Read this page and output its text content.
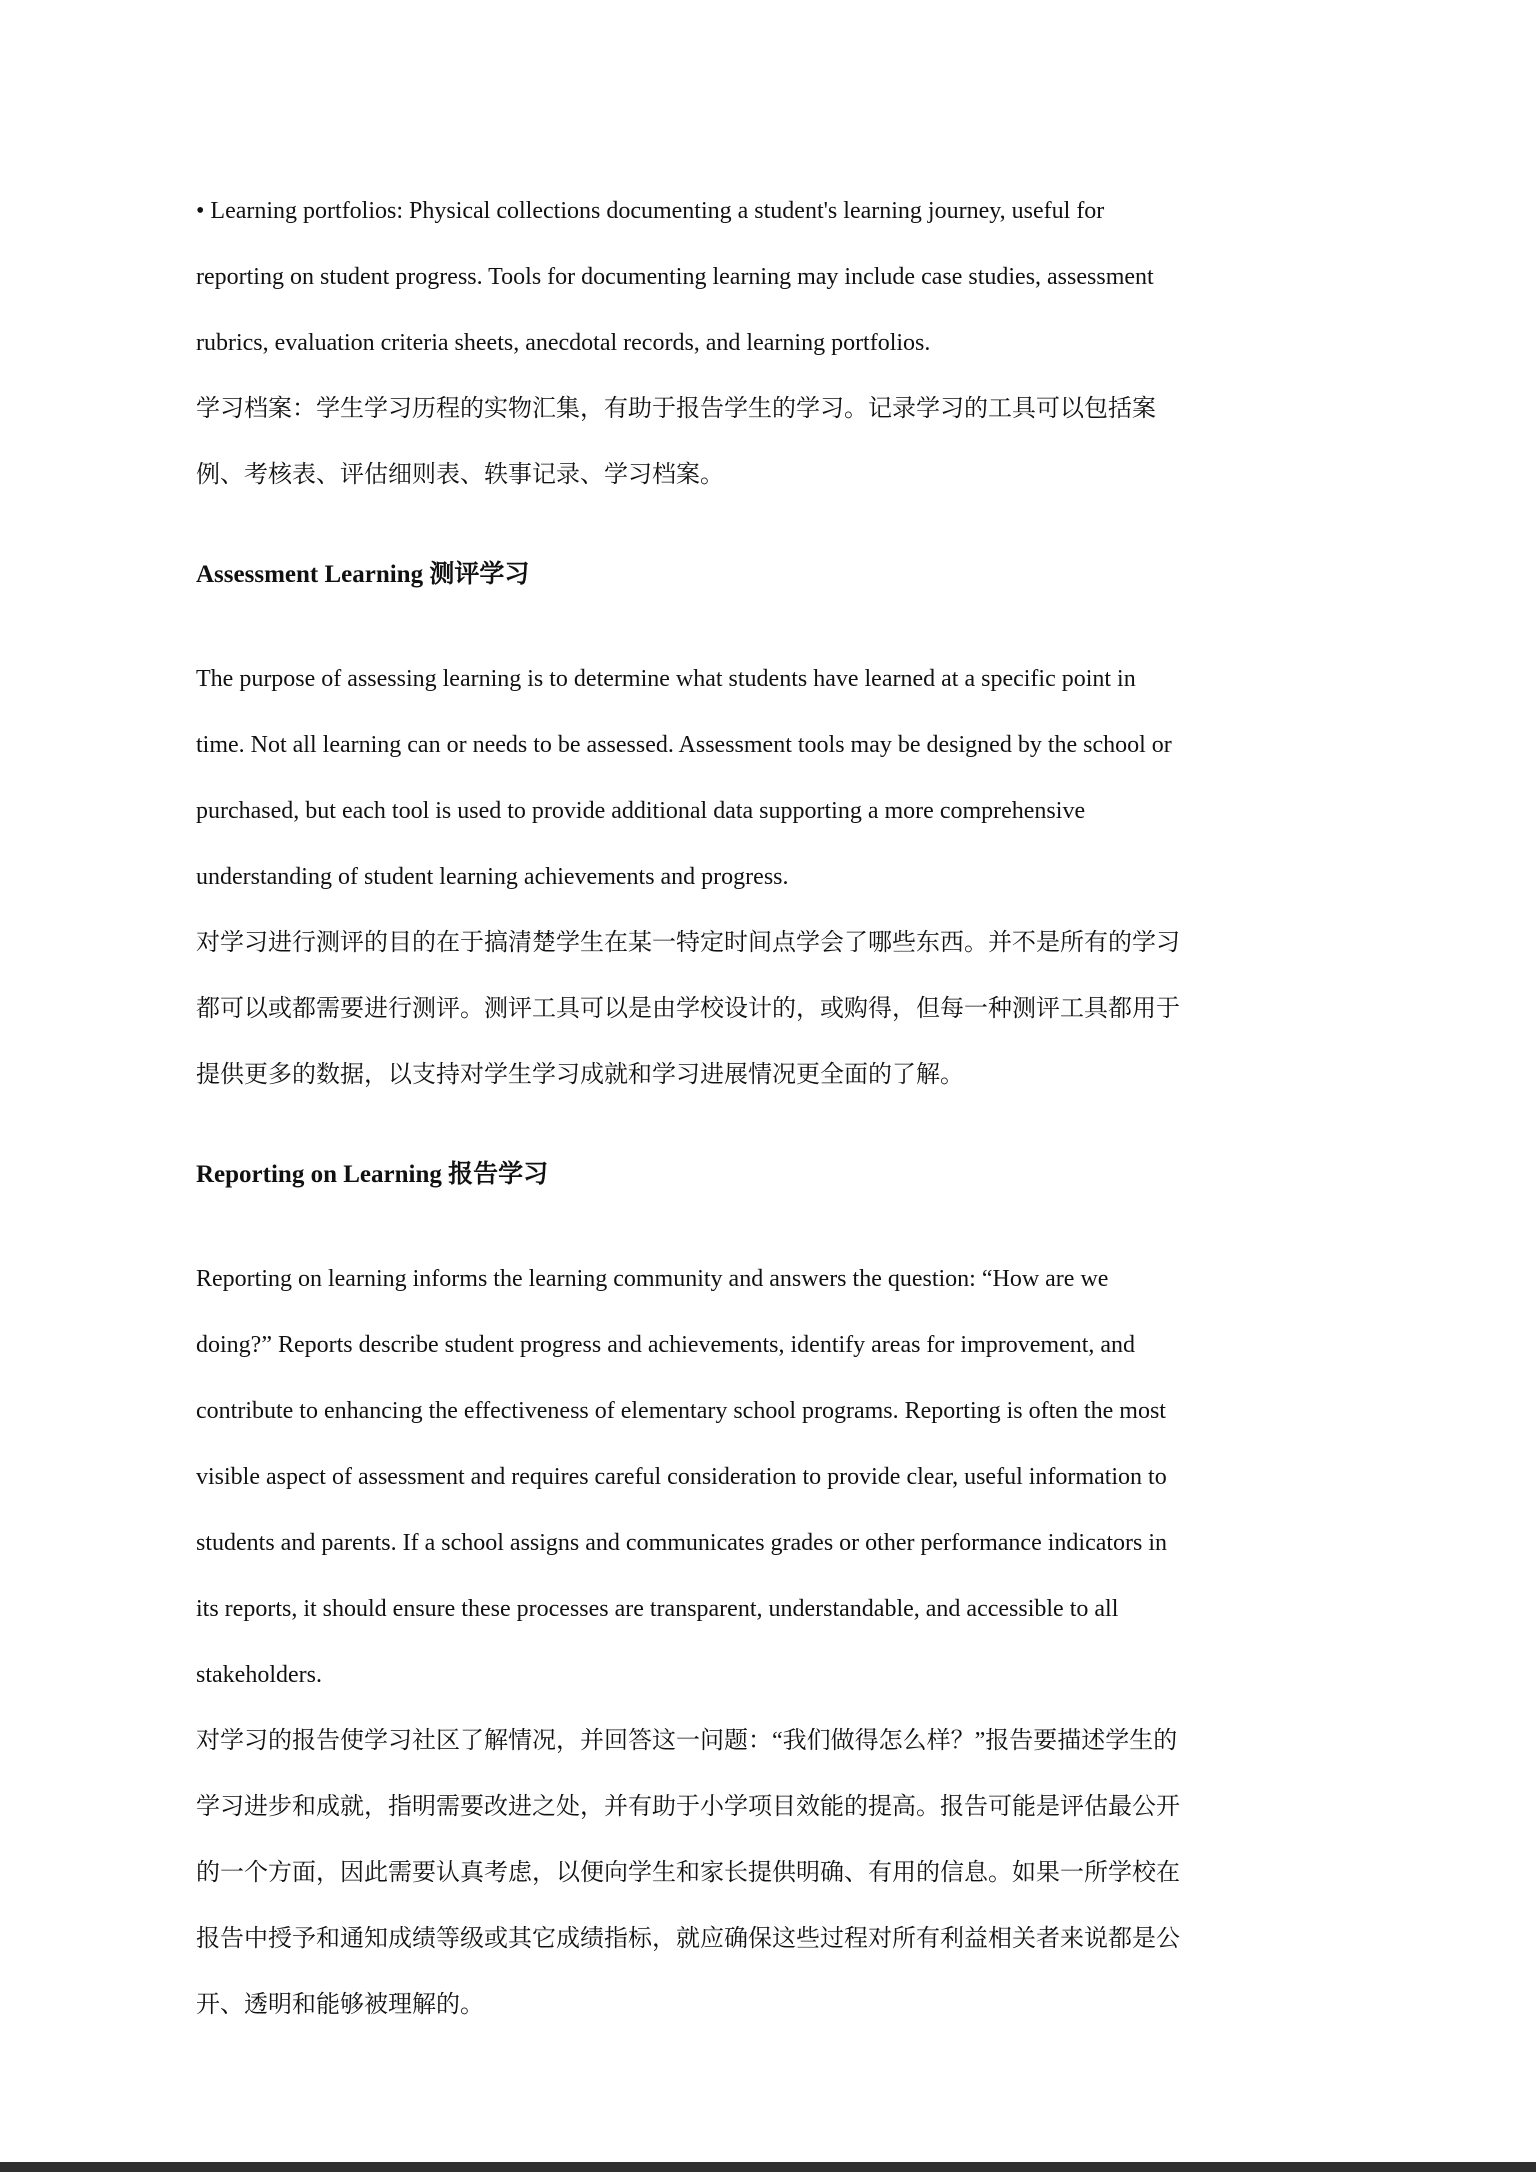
• Learning portfolios: Physical collections documenting a student's learning journey, useful for reporting on student progress. Tools for documenting learning may include case studies, assessment rubrics, evaluation criteria sheets, anecdotal records, and learning portfolios.
学习档案：学生学习历程的实物汇集，有助于报告学生的学习。记录学习的工具可以包括案例、考核表、评估细则表、轶事记录、学习档案。

Assessment Learning 测评学习

The purpose of assessing learning is to determine what students have learned at a specific point in time. Not all learning can or needs to be assessed. Assessment tools may be designed by the school or purchased, but each tool is used to provide additional data supporting a more comprehensive understanding of student learning achievements and progress.
对学习进行测评的目的在于搞清楚学生在某一特定时间点学会了哪些东西。并不是所有的学习都可以或都需要进行测评。测评工具可以是由学校设计的，或购得，但每一种测评工具都用于提供更多的数据，以支持对学生学习成就和学习进展情况更全面的了解。

Reporting on Learning 报告学习

Reporting on learning informs the learning community and answers the question: “How are we doing?” Reports describe student progress and achievements, identify areas for improvement, and contribute to enhancing the effectiveness of elementary school programs. Reporting is often the most visible aspect of assessment and requires careful consideration to provide clear, useful information to students and parents. If a school assigns and communicates grades or other performance indicators in its reports, it should ensure these processes are transparent, understandable, and accessible to all stakeholders.
对学习的报告使学习社区了解情况，并回答这一问题：“我们做得怎么样？”报告要描述学生的学习进步和成就，指明需要改进之处，并有助于小学项目效能的提高。报告可能是评估最公开的一个方面，因此需要认真考虑，以便向学生和家长提供明确、有用的信息。如果一所学校在报告中授予和通知成绩等级或其它成绩指标，就应确保这些过程对所有利益相关者来说都是公开、透明和能够被理解的。
